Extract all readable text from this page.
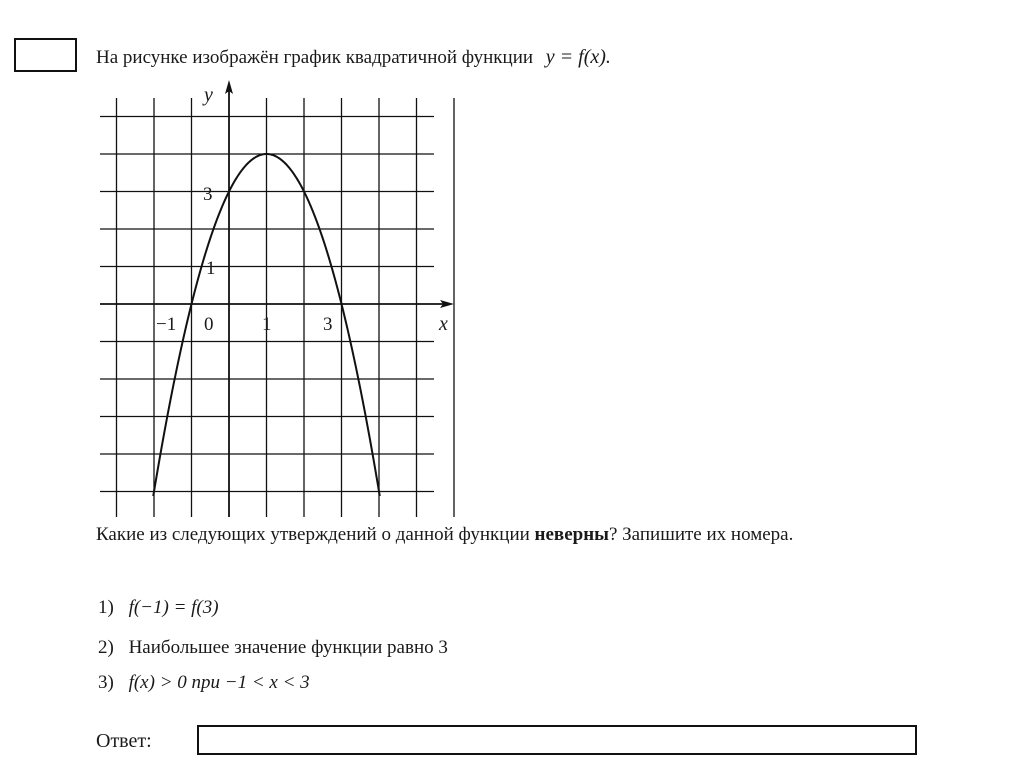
На рисунке изображён график квадратичной функции y = f(x).
y
x
3
1
−1 0	1	3
Какие из следующих утверждений о данной функции неверны? Запишите их номера.
1) f(−1) = f(3)
2) Наибольшее значение функции равно 3
3) f(x) > 0 при −1 < x < 3
Ответ:
